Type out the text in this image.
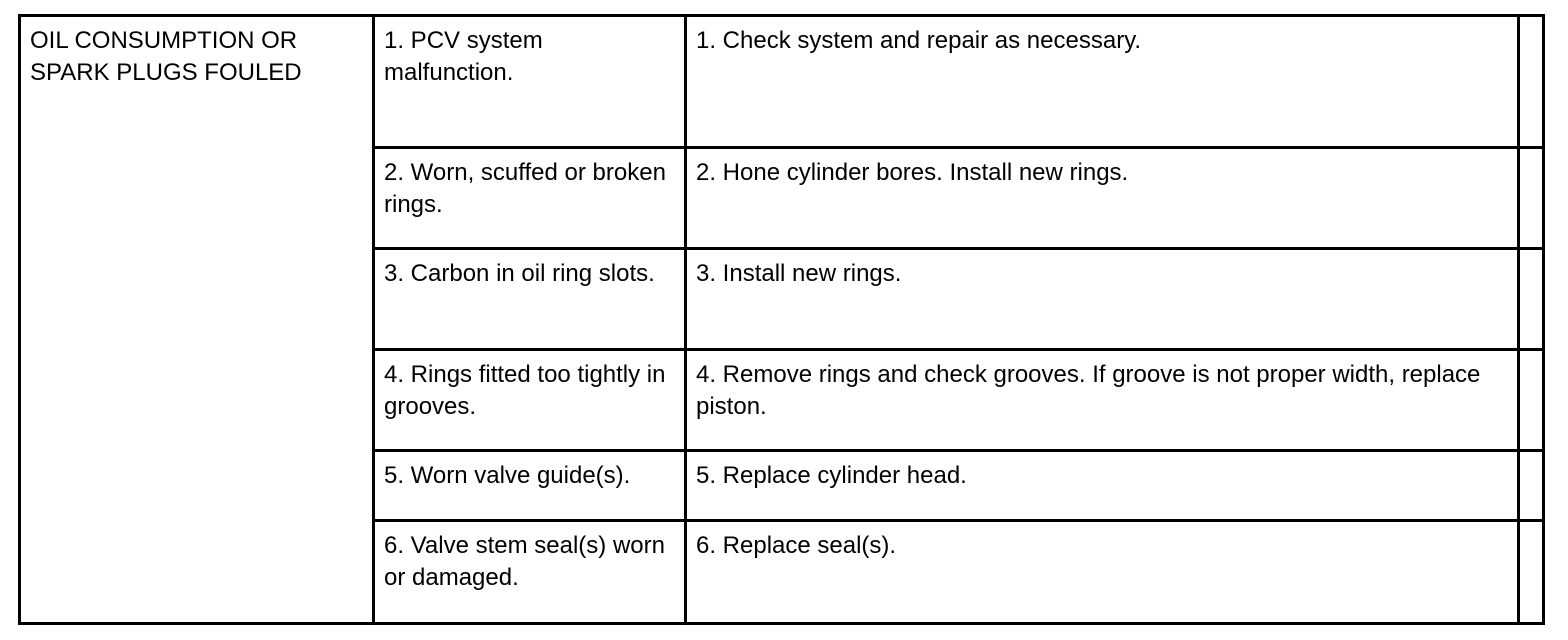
OIL CONSUMPTION OR SPARK PLUGS FOULED	1. PCV system malfunction.	1. Check system and repair as necessary.	
	2. Worn, scuffed or broken rings.	2. Hone cylinder bores. Install new rings.	
	3. Carbon in oil ring slots.	3. Install new rings.	
	4. Rings fitted too tightly in grooves.	4. Remove rings and check grooves. If groove is not proper width, replace piston.	
	5. Worn valve guide(s).	5. Replace cylinder head.	
	6. Valve stem seal(s) worn or damaged.	6. Replace seal(s).	
